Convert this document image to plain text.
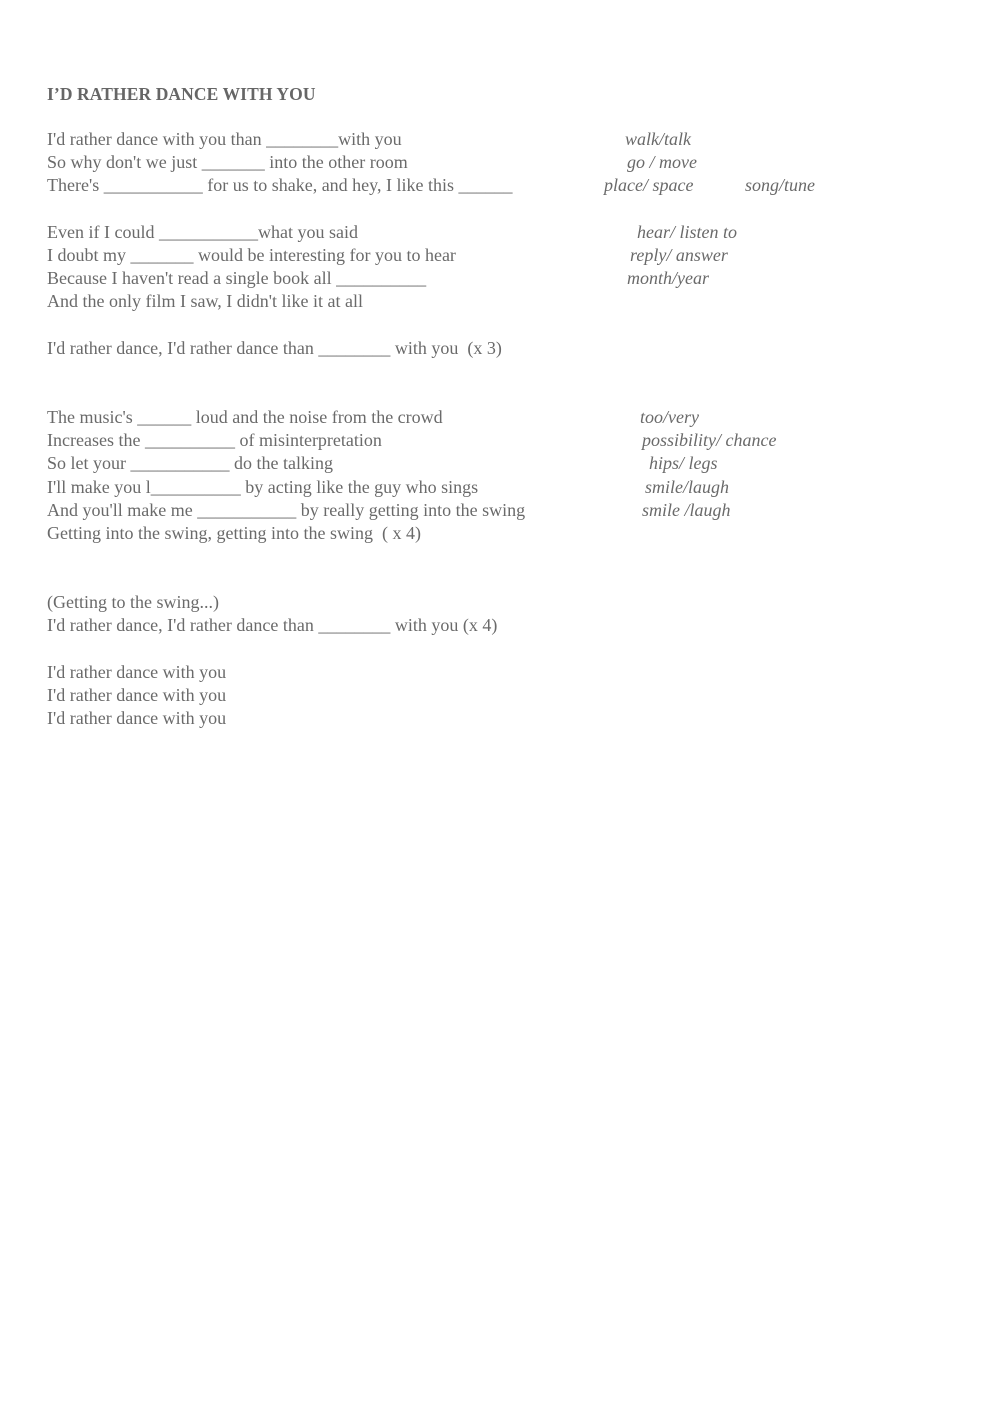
I’D RATHER DANCE WITH YOU
I'd rather dance with you than ________with you
So why don't we just _______ into the other room
There's ___________ for us to shake, and hey, I like this ______
walk/talk
go / move
place/ space	song/tune
Even if I could ___________what you said
I doubt my _______ would be interesting for you to hear
Because I haven't read a single book all __________
And the only film I saw, I didn't like it at all
hear/ listen to
reply/ answer
month/year
I'd rather dance, I'd rather dance than ________ with you  (x 3)
The music's ______ loud and the noise from the crowd
Increases the __________ of misinterpretation
So let your ___________ do the talking
I'll make you l__________ by acting like the guy who sings
And you'll make me ___________ by really getting into the swing
Getting into the swing, getting into the swing  ( x 4)
too/very
possibility/ chance
hips/ legs
smile/laugh
smile /laugh
(Getting to the swing...)
I'd rather dance, I'd rather dance than ________ with you (x 4)
I'd rather dance with you
I'd rather dance with you
I'd rather dance with you
